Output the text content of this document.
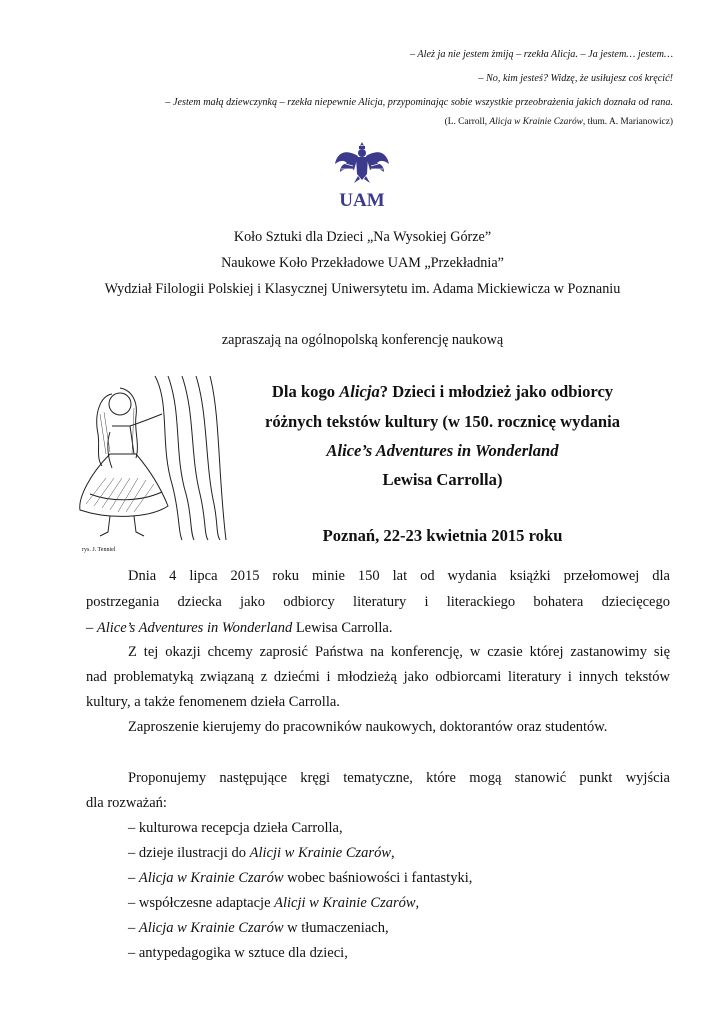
– Ależ ja nie jestem żmiją – rzekła Alicja. – Ja jestem… jestem…
– No, kim jesteś? Widzę, że usiłujesz coś kręcić!
– Jestem małą dziewczynką – rzekła niepewnie Alicja, przypominając sobie wszystkie przeobrażenia jakich doznała od rana.
(L. Carroll, Alicja w Krainie Czarów, tłum. A. Marianowicz)
UAM
Koło Sztuki dla Dzieci „Na Wysokiej Górze”
Naukowe Koło Przekładowe UAM „Przekładnia”
Wydział Filologii Polskiej i Klasycznej Uniwersytetu im. Adama Mickiewicza w Poznaniu
zapraszają na ogólnopolską konferencję naukową
rys. J. Tenniel
Dla kogo Alicja? Dzieci i młodzież jako odbiorcy
różnych tekstów kultury (w 150. rocznicę wydania
Alice’s Adventures in Wonderland
Lewisa Carrolla)
Poznań, 22-23 kwietnia 2015 roku
Dnia 4 lipca 2015 roku minie 150 lat od wydania książki przełomowej dla
postrzegania dziecka jako odbiorcy literatury i literackiego bohatera dziecięcego
– Alice’s Adventures in Wonderland Lewisa Carrolla.
Z tej okazji chcemy zaprosić Państwa na konferencję, w czasie której zastanowimy się
nad problematyką związaną z dziećmi i młodzieżą jako odbiorcami literatury i innych tekstów
kultury, a także fenomenem dzieła Carrolla.
Zaproszenie kierujemy do pracowników naukowych, doktorantów oraz studentów.
Proponujemy następujące kręgi tematyczne, które mogą stanowić punkt wyjścia
dla rozważań:
– kulturowa recepcja dzieła Carrolla,
– dzieje ilustracji do Alicji w Krainie Czarów,
– Alicja w Krainie Czarów wobec baśniowości i fantastyki,
– współczesne adaptacje Alicji w Krainie Czarów,
– Alicja w Krainie Czarów w tłumaczeniach,
– antypedagogika w sztuce dla dzieci,
